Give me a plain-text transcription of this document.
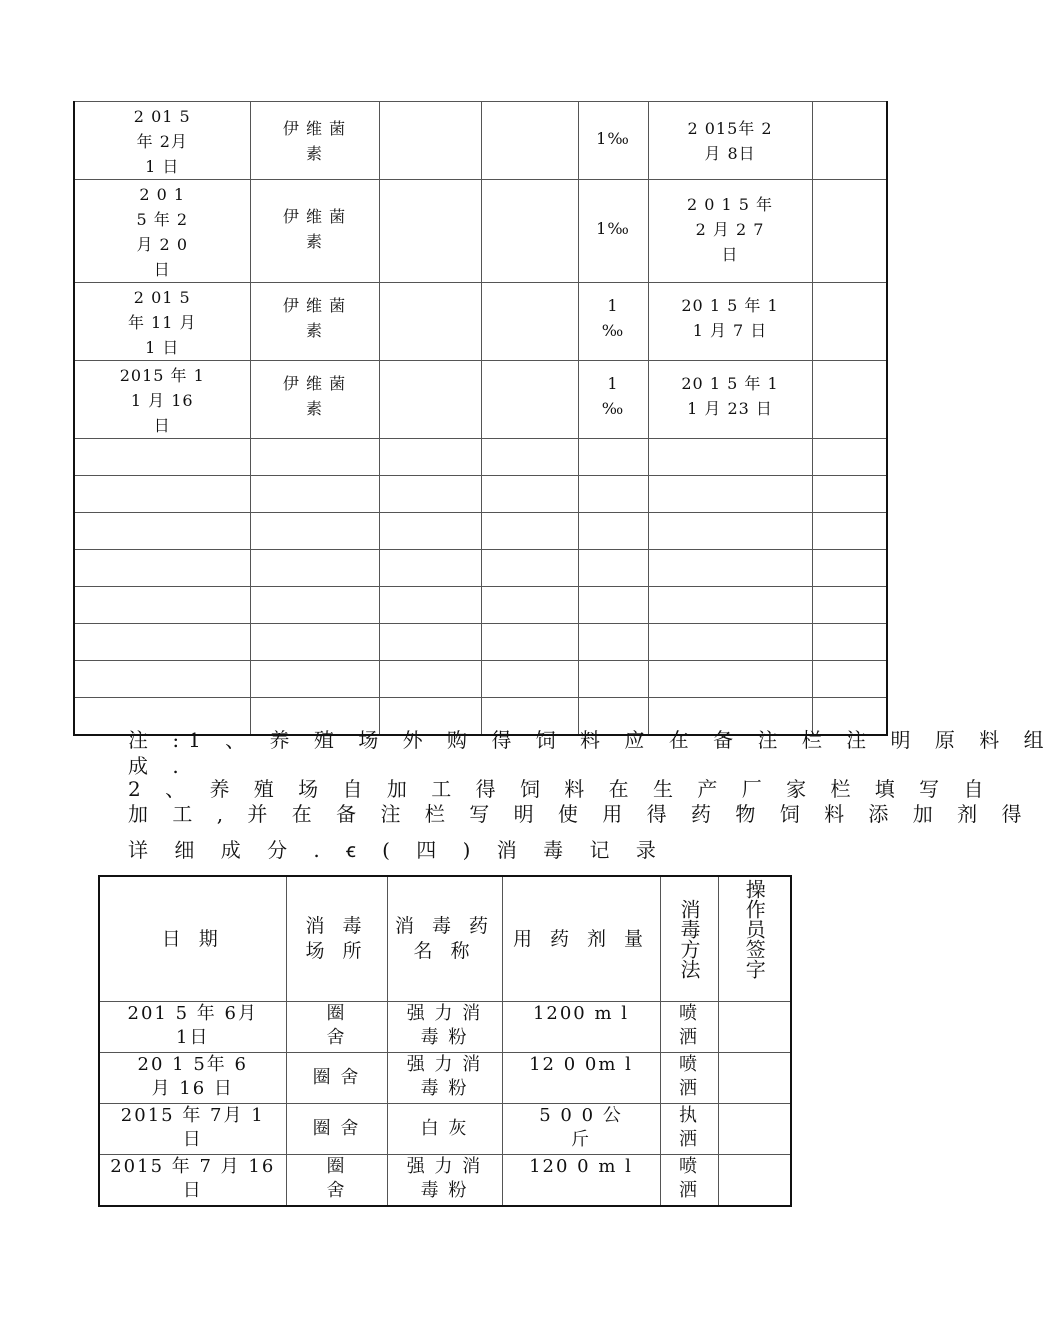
2 01 5
年 2月
1 日	伊 维 菌
素			1‰	2 015年 2
月 8日	

2 0 1
5 年 2
月 2 0
日	伊 维 菌
素			1‰	2 0 1 5 年
2 月 2 7
日	

2 01 5
年 11 月
1 日	伊 维 菌
素			1
‰	20 1 5 年 1
1 月 7 日	

2015 年 1
1 月 16
日	伊 维 菌
素			1
‰	20 1 5 年 1
1 月 23 日	

注 :1 、 养 殖 场 外 购 得 饲 料 应 在 备 注 栏 注 明 原 料 组
成 .
2 、 养 殖 场 自 加 工 得 饲 料 在 生 产 厂 家 栏 填 写 自
加 工 , 并 在 备 注 栏 写 明 使 用 得 药 物 饲 料 添 加 剂 得
详 细 成 分 . ꞓ ( 四 ) 消 毒 记 录
日 期	消 毒
场 所	消 毒 药
名 称	用 药 剂 量	消毒方法	操作员签字

201 5 年 6月
1日	圈
舍	强 力 消
毒 粉	1200 m l	喷
洒	

20 1 5年 6
月 16 日	圈 舍	强 力 消
毒 粉	12 0 0m l	喷
洒	

2015 年 7月 1
日	圈 舍	白 灰	5 0 0 公
斤	执
洒	

2015 年 7 月 16
日	圈
舍	强 力 消
毒 粉	120 0 m l	喷
洒	
